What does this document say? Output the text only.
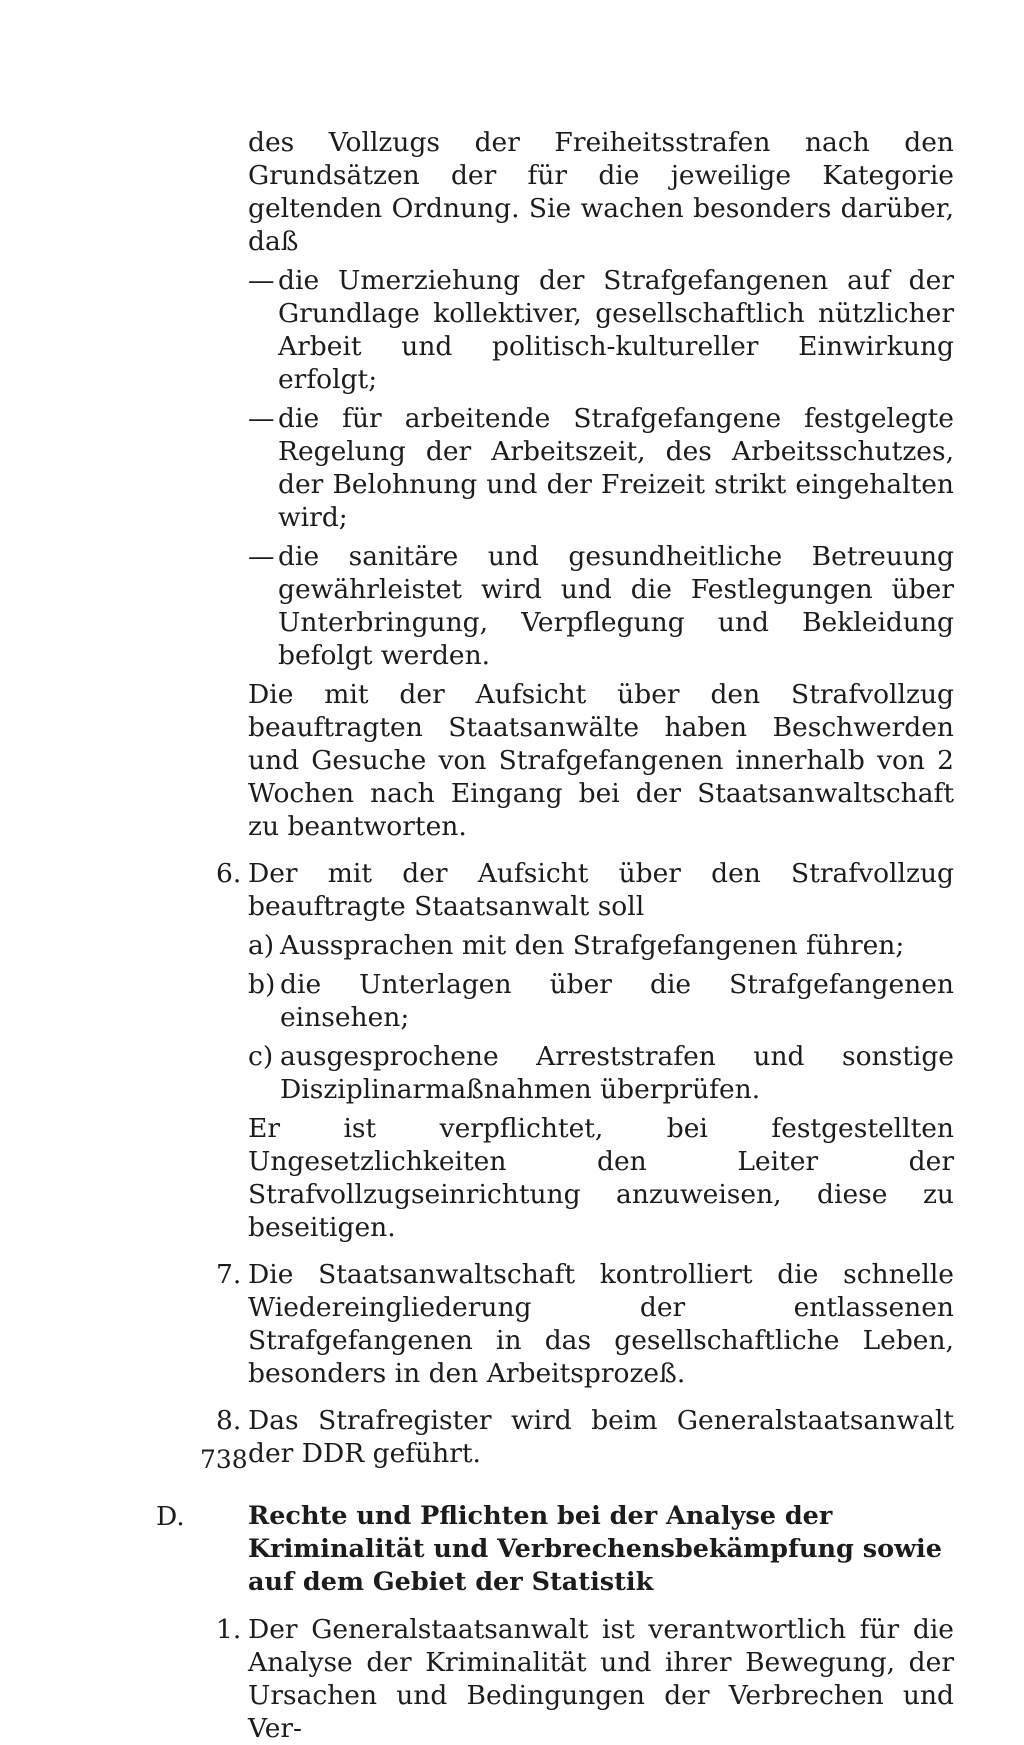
des Vollzugs der Freiheitsstrafen nach den Grundsätzen der für die jeweilige Kategorie geltenden Ordnung. Sie wachen besonders darüber, daß

— die Umerziehung der Strafgefangenen auf der Grundlage kollektiver, gesellschaftlich nützlicher Arbeit und politisch-kultureller Einwirkung erfolgt;
— die für arbeitende Strafgefangene festgelegte Regelung der Arbeitszeit, des Arbeitsschutzes, der Belohnung und der Freizeit strikt eingehalten wird;
— die sanitäre und gesundheitliche Betreuung gewährleistet wird und die Festlegungen über Unterbringung, Verpflegung und Bekleidung befolgt werden.

Die mit der Aufsicht über den Strafvollzug beauftragten Staatsanwälte haben Beschwerden und Gesuche von Strafgefangenen innerhalb von 2 Wochen nach Eingang bei der Staatsanwaltschaft zu beantworten.

6. Der mit der Aufsicht über den Strafvollzug beauftragte Staatsanwalt soll
a) Aussprachen mit den Strafgefangenen führen;
b) die Unterlagen über die Strafgefangenen einsehen;
c) ausgesprochene Arreststrafen und sonstige Disziplinarmaßnahmen überprüfen.

Er ist verpflichtet, bei festgestellten Ungesetzlichkeiten den Leiter der Strafvollzugseinrichtung anzuweisen, diese zu beseitigen.

7. Die Staatsanwaltschaft kontrolliert die schnelle Wiedereingliederung der entlassenen Strafgefangenen in das gesellschaftliche Leben, besonders in den Arbeitsprozeß.
8. Das Strafregister wird beim Generalstaatsanwalt der DDR geführt.
D. Rechte und Pflichten bei der Analyse der Kriminalität und Verbrechensbekämpfung sowie auf dem Gebiet der Statistik
1. Der Generalstaatsanwalt ist verantwortlich für die Analyse der Kriminalität und ihrer Bewegung, der Ursachen und Bedingungen der Verbrechen und Ver-
738
